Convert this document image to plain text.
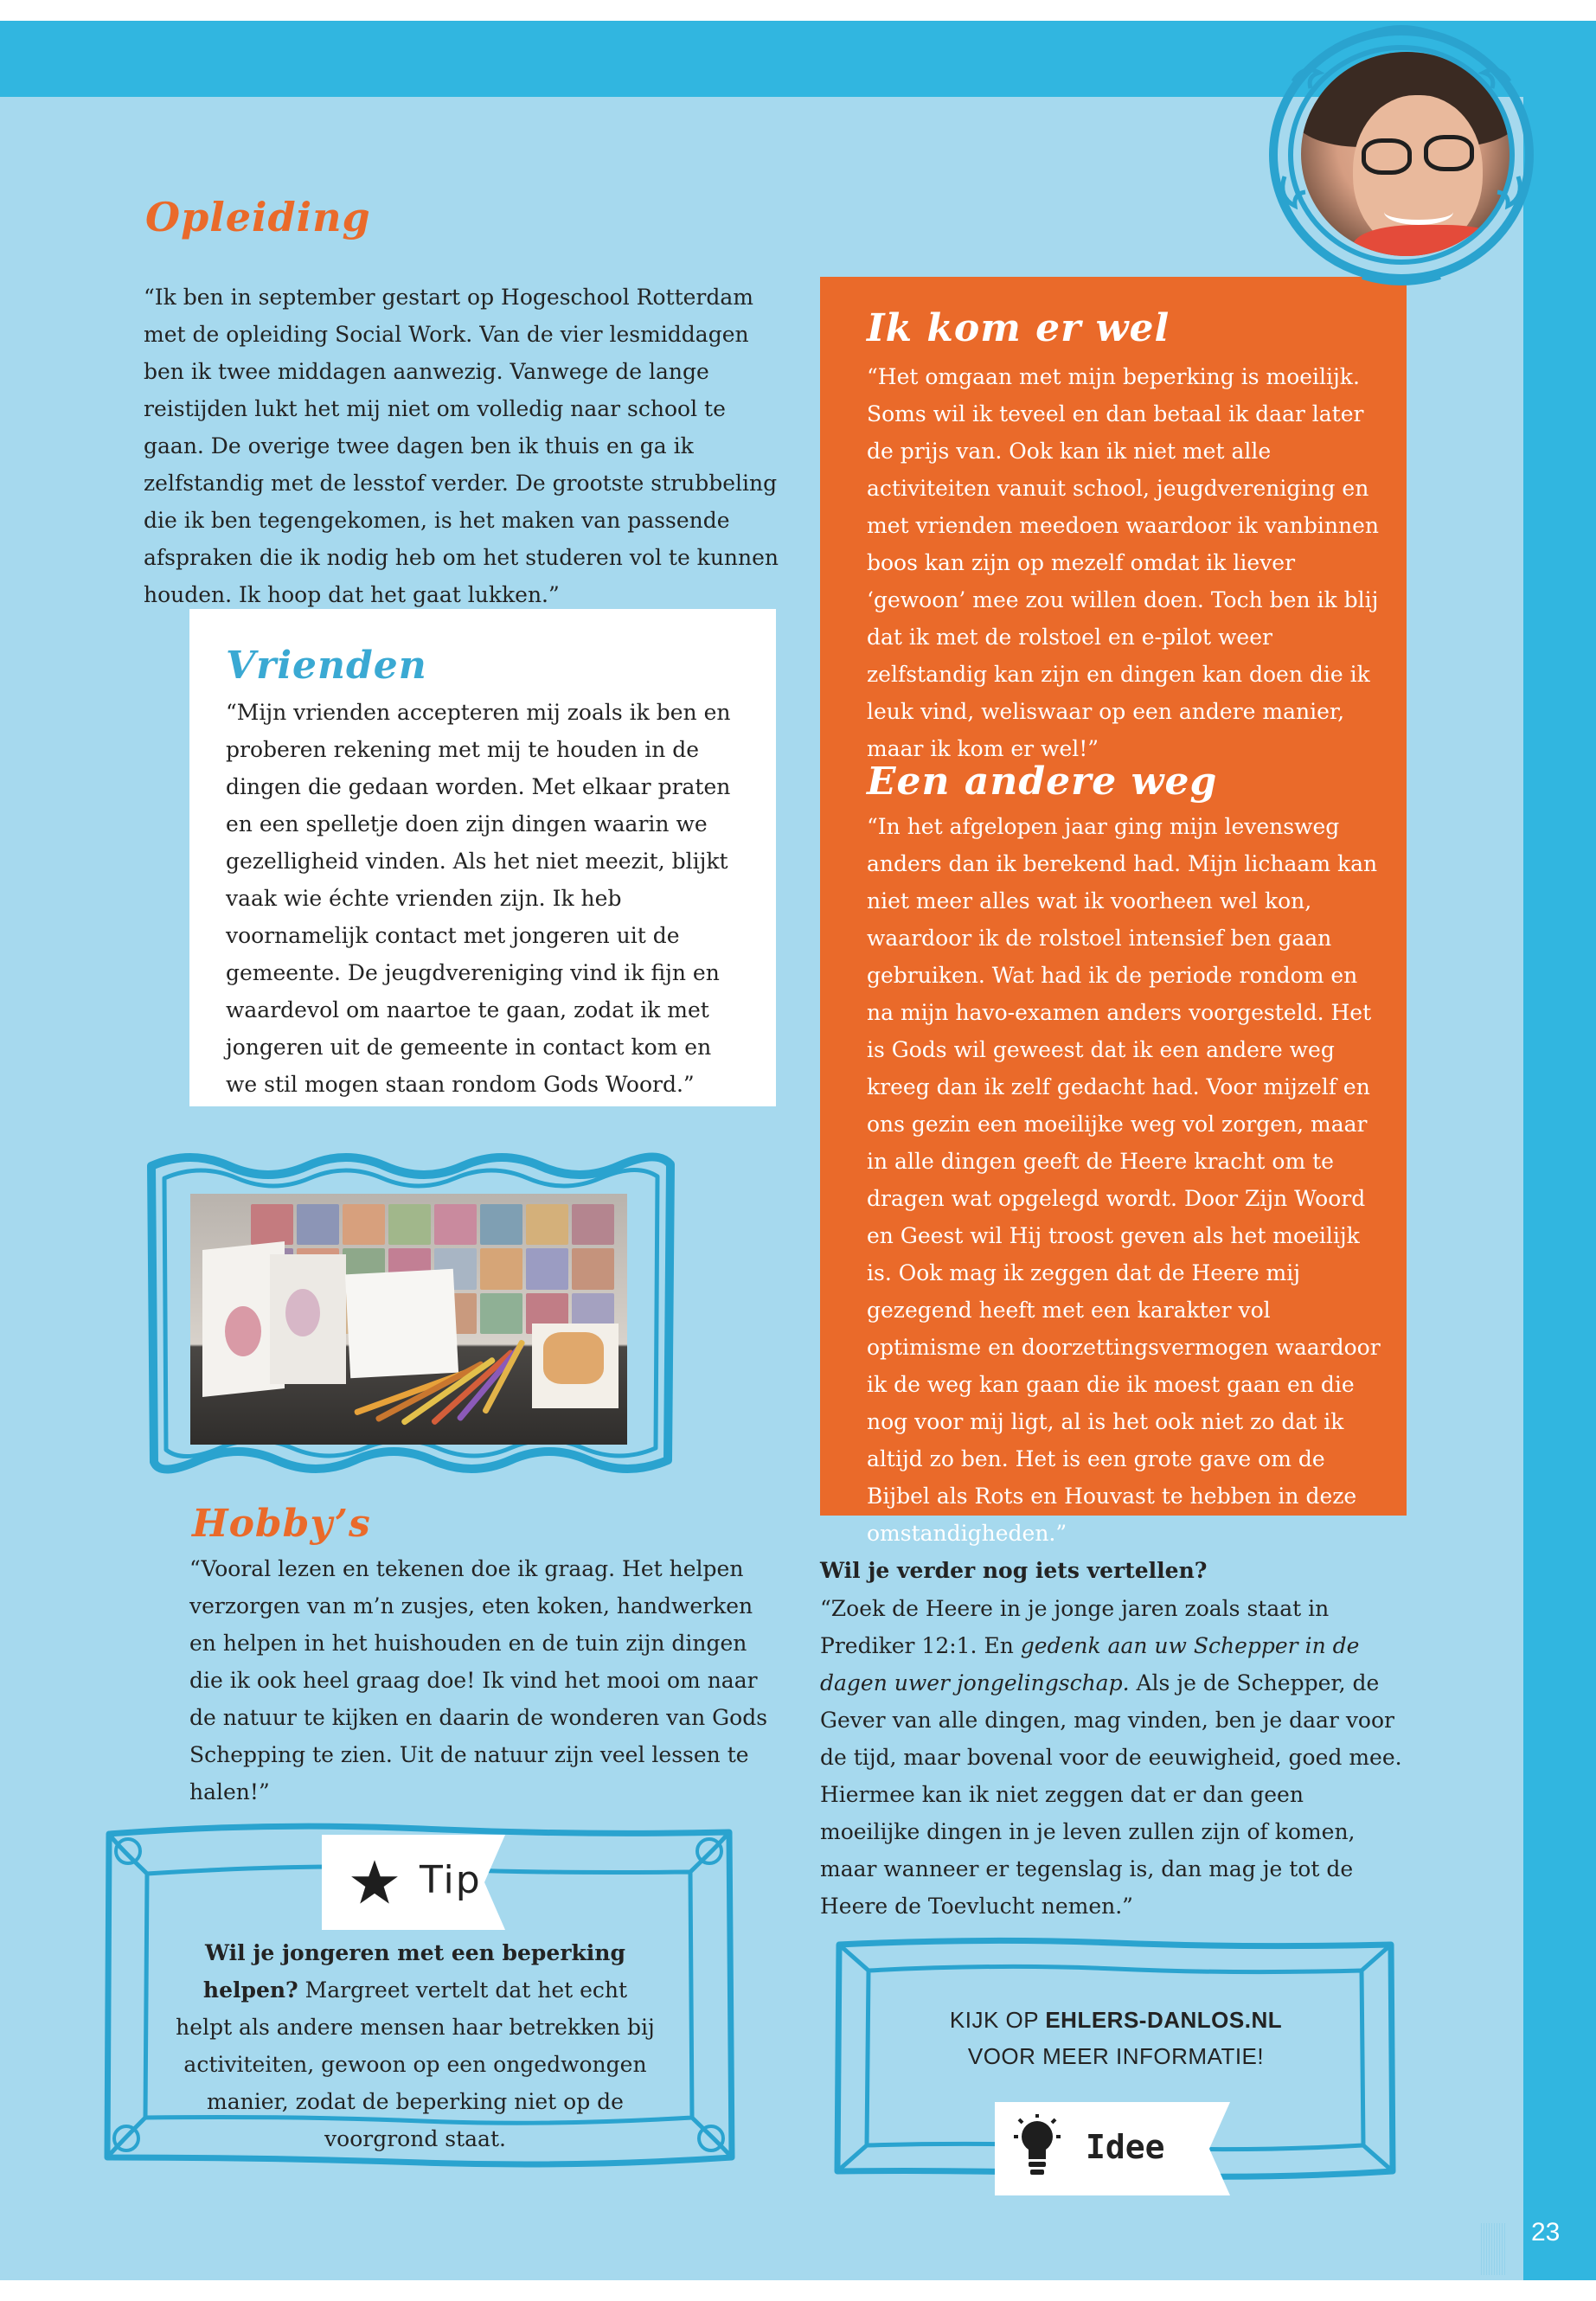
Opleiding

“Ik ben in september gestart op Hogeschool Rotterdam met de opleiding Social Work. Van de vier lesmiddagen ben ik twee middagen aanwezig. Vanwege de lange reistijden lukt het mij niet om volledig naar school te gaan. De overige twee dagen ben ik thuis en ga ik zelfstandig met de lesstof verder. De grootste strubbeling die ik ben tegengekomen, is het maken van passende afspraken die ik nodig heb om het studeren vol te kunnen houden. Ik hoop dat het gaat lukken.”

Vrienden

“Mijn vrienden accepteren mij zoals ik ben en proberen rekening met mij te houden in de dingen die gedaan worden. Met elkaar praten en een spelletje doen zijn dingen waarin we gezelligheid vinden. Als het niet meezit, blijkt vaak wie échte vrienden zijn. Ik heb voornamelijk contact met jongeren uit de gemeente. De jeugdvereniging vind ik fijn en waardevol om naartoe te gaan, zodat ik met jongeren uit de gemeente in contact kom en we stil mogen staan rondom Gods Woord.”

Ik kom er wel

“Het omgaan met mijn beperking is moeilijk. Soms wil ik teveel en dan betaal ik daar later de prijs van. Ook kan ik niet met alle activiteiten vanuit school, jeugdvereniging en met vrienden meedoen waardoor ik vanbinnen boos kan zijn op mezelf omdat ik liever ‘gewoon’ mee zou willen doen. Toch ben ik blij dat ik met de rolstoel en e-pilot weer zelfstandig kan zijn en dingen kan doen die ik leuk vind, weliswaar op een andere manier, maar ik kom er wel!”

Een andere weg

“In het afgelopen jaar ging mijn levensweg anders dan ik berekend had. Mijn lichaam kan niet meer alles wat ik voorheen wel kon, waardoor ik de rolstoel intensief ben gaan gebruiken. Wat had ik de periode rondom en na mijn havo-examen anders voorgesteld. Het is Gods wil geweest dat ik een andere weg kreeg dan ik zelf gedacht had. Voor mijzelf en ons gezin een moeilijke weg vol zorgen, maar in alle dingen geeft de Heere kracht om te dragen wat opgelegd wordt. Door Zijn Woord en Geest wil Hij troost geven als het moeilijk is. Ook mag ik zeggen dat de Heere mij gezegend heeft met een karakter vol optimisme en doorzettingsvermogen waardoor ik de weg kan gaan die ik moest gaan en die nog voor mij ligt, al is het ook niet zo dat ik altijd zo ben. Het is een grote gave om de Bijbel als Rots en Houvast te hebben in deze omstandigheden.”

Hobby’s

“Vooral lezen en tekenen doe ik graag. Het helpen verzorgen van m’n zusjes, eten koken, handwerken en helpen in het huishouden en de tuin zijn dingen die ik ook heel graag doe! Ik vind het mooi om naar de natuur te kijken en daarin de wonderen van Gods Schepping te zien. Uit de natuur zijn veel lessen te halen!”

Tip

Wil je jongeren met een beperking helpen? Margreet vertelt dat het echt helpt als andere mensen haar betrekken bij activiteiten, gewoon op een ongedwongen manier, zodat de beperking niet op de voorgrond staat.

Wil je verder nog iets vertellen?

“Zoek de Heere in je jonge jaren zoals staat in Prediker 12:1. En gedenk aan uw Schepper in de dagen uwer jongelingschap. Als je de Schepper, de Gever van alle dingen, mag vinden, ben je daar voor de tijd, maar bovenal voor de eeuwigheid, goed mee. Hiermee kan ik niet zeggen dat er dan geen moeilijke dingen in je leven zullen zijn of komen, maar wanneer er tegenslag is, dan mag je tot de Heere de Toevlucht nemen.”

KIJK OP EHLERS-DANLOS.NL
VOOR MEER INFORMATIE!
Idee
23
